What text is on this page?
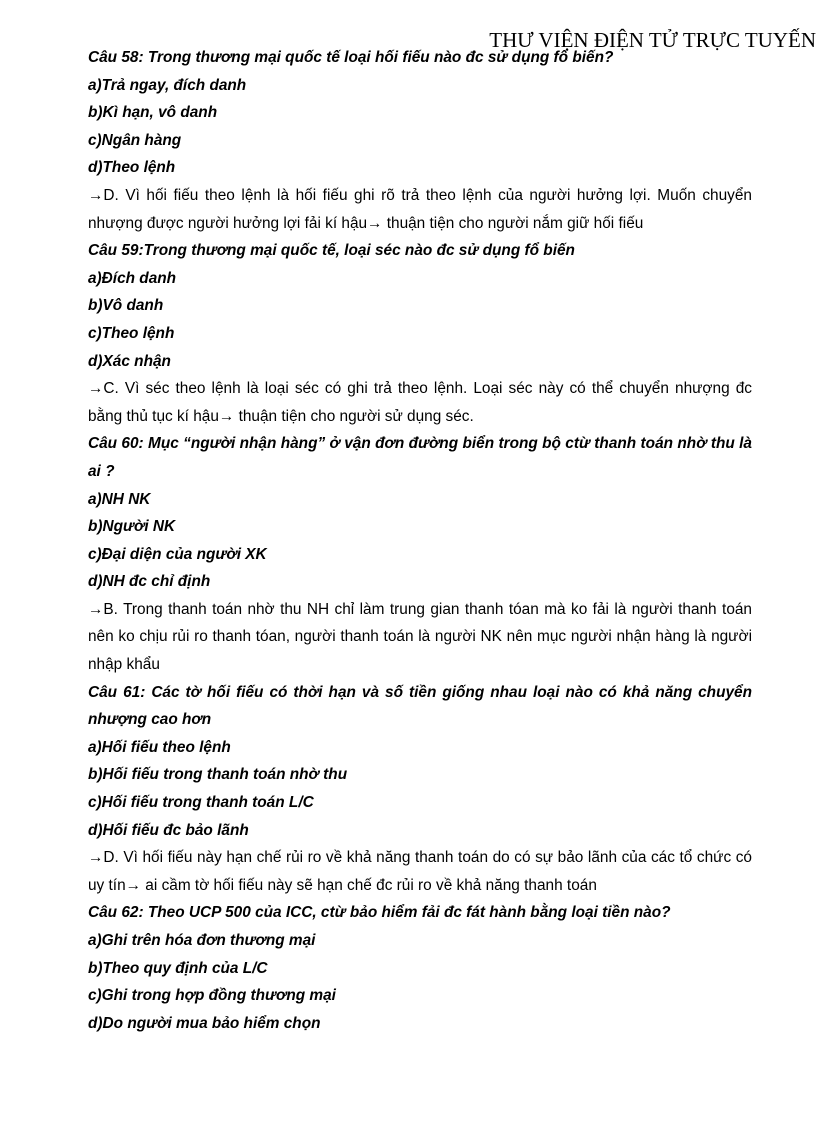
THƯ VIỆN ĐIỆN TỬ TRỰC TUYẾN

Câu 58: Trong thương mại quốc tế loại hối fiếu nào đc sử dụng fổ biến?

a)Trả ngay, đích danh

b)Kì hạn, vô danh

c)Ngân hàng

d)Theo lệnh

→D. Vì hối fiếu theo lệnh là hối fiếu ghi rõ trả theo lệnh của người hưởng lợi. Muốn chuyển nhượng được người hưởng lợi fải kí hậu→ thuận tiện cho người nắm giữ hối fiếu

Câu 59:Trong thương mại quốc tế, loại séc nào đc sử dụng fổ biến

a)Đích danh

b)Vô danh

c)Theo lệnh

d)Xác nhận

→C. Vì séc theo lệnh là loại séc có ghi trả theo lệnh. Loại séc này có thể chuyển nhượng đc bằng thủ tục kí hậu→ thuận tiện cho người sử dụng séc.

Câu 60: Mục “người nhận hàng” ở vận đơn đường biển trong bộ ctừ thanh toán nhờ thu là ai ?

a)NH NK

b)Người NK

c)Đại diện của người XK

d)NH đc chỉ định

→B. Trong thanh toán nhờ thu NH chỉ làm trung gian thanh tóan mà ko fải là người thanh toán nên ko chịu rủi ro thanh tóan, người thanh toán là người NK nên mục người nhận hàng là người nhập khẩu

Câu 61: Các tờ hối fiếu có thời hạn và số tiền giống nhau loại nào có khả năng chuyển nhượng cao hơn

a)Hối fiếu theo lệnh

b)Hối fiếu trong thanh toán nhờ thu

c)Hối fiếu trong thanh toán L/C

d)Hối fiếu đc bảo lãnh

→D. Vì hối fiếu này hạn chế rủi ro về khả năng thanh toán do có sự bảo lãnh của các tổ chức có uy tín→ ai cầm tờ hối fiếu này sẽ hạn chế đc rủi ro về khả năng thanh toán

Câu 62: Theo UCP 500 của ICC, ctừ bảo hiểm fải đc fát hành bằng loại tiền nào?

a)Ghi trên hóa đơn thương mại

b)Theo quy định của L/C

c)Ghi trong hợp đồng thương mại

d)Do người mua bảo hiểm chọn
